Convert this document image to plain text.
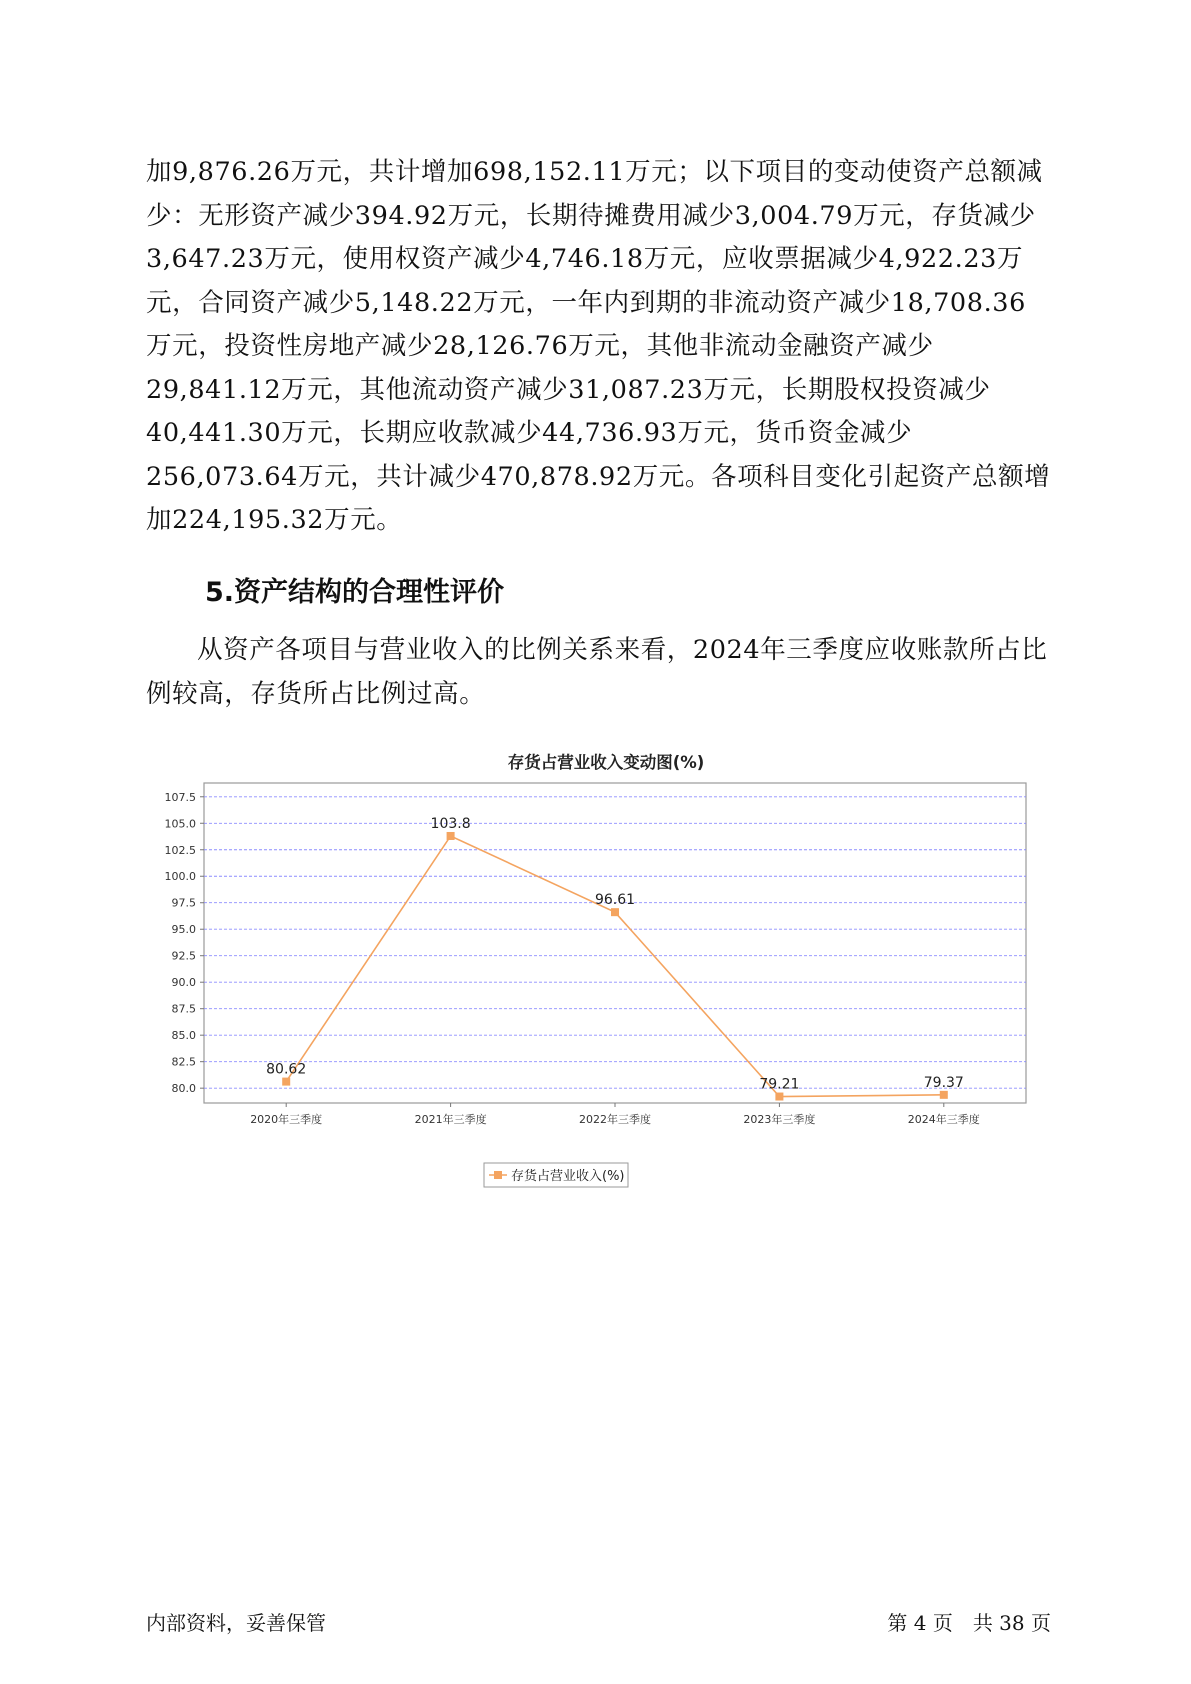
加9,876.26万元，共计增加698,152.11万元；以下项目的变动使资产总额减少：无形资产减少394.92万元，长期待摊费用减少3,004.79万元，存货减少3,647.23万元，使用权资产减少4,746.18万元，应收票据减少4,922.23万元，合同资产减少5,148.22万元，一年内到期的非流动资产减少18,708.36万元，投资性房地产减少28,126.76万元，其他非流动金融资产减少29,841.12万元，其他流动资产减少31,087.23万元，长期股权投资减少40,441.30万元，长期应收款减少44,736.93万元，货币资金减少256,073.64万元，共计减少470,878.92万元。各项科目变化引起资产总额增加224,195.32万元。

5.资产结构的合理性评价

从资产各项目与营业收入的比例关系来看，2024年三季度应收账款所占比例较高，存货所占比例过高。

存货占营业收入变动图(%)
80.0
82.5
85.0
87.5
90.0
92.5
95.0
97.5
100.0
102.5
105.0
107.5
2020年三季度	2021年三季度	2022年三季度	2023年三季度	2024年三季度
80.62
103.8
96.61
79.21	79.37
存货占营业收入(%)

内部资料，妥善保管	第 4 页　共 38 页
